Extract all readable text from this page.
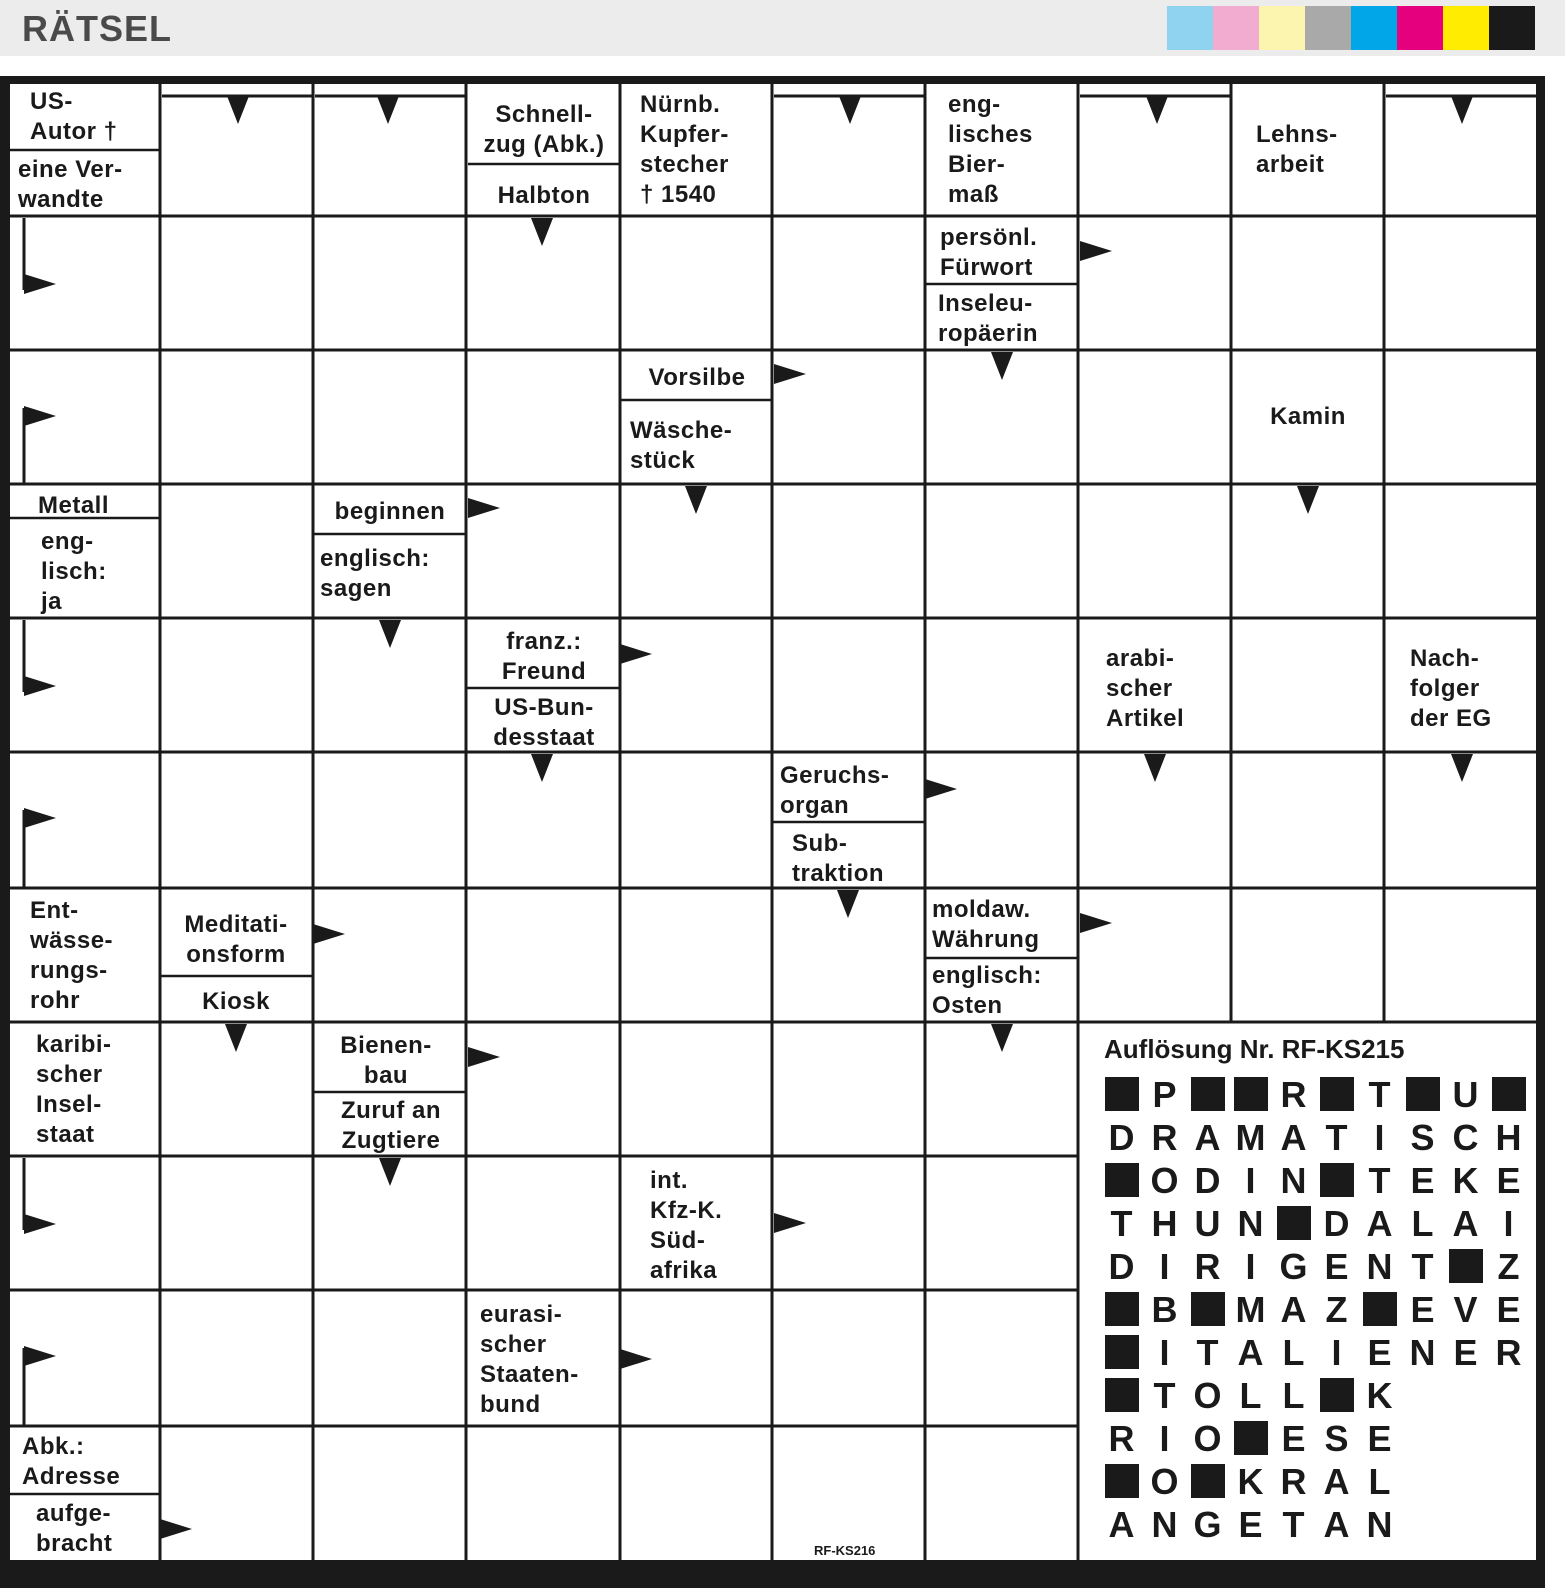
RÄTSEL
US-
Autor †
eine Ver-
wandte
Schnell-
zug (Abk.)
Halbton
Nürnb.
Kupfer-
stecher
† 1540
eng-
lisches
Bier-
maß
Lehns-
arbeit
persönl.
Fürwort
Inseleu-
ropäerin
Vorsilbe
Wäsche-
stück
Kamin
Metall
eng-
lisch:
ja
beginnen
englisch:
sagen
franz.:
Freund
US-Bun-
desstaat
arabi-
scher
Artikel
Nach-
folger
der EG
Geruchs-
organ
Sub-
traktion
Ent-
wässe-
rungs-
rohr
Meditati-
onsform
Kiosk
moldaw.
Währung
englisch:
Osten
karibi-
scher
Insel-
staat
Bienen-
bau
Zuruf an
Zugtiere
int.
Kfz-K.
Süd-
afrika
eurasi-
scher
Staaten-
bund
Abk.:
Adresse
aufge-
bracht
Auflösung Nr. RF-KS215
P	R T U
D R A M A T I S C H
O D I N T E K E
T H U N D A L A I
D I R I G E N T Z
B M A Z E V E
I T A L I E N E R
T O L L K
R I O E S E
O K R A L
A N G E T A N
RF-KS216
